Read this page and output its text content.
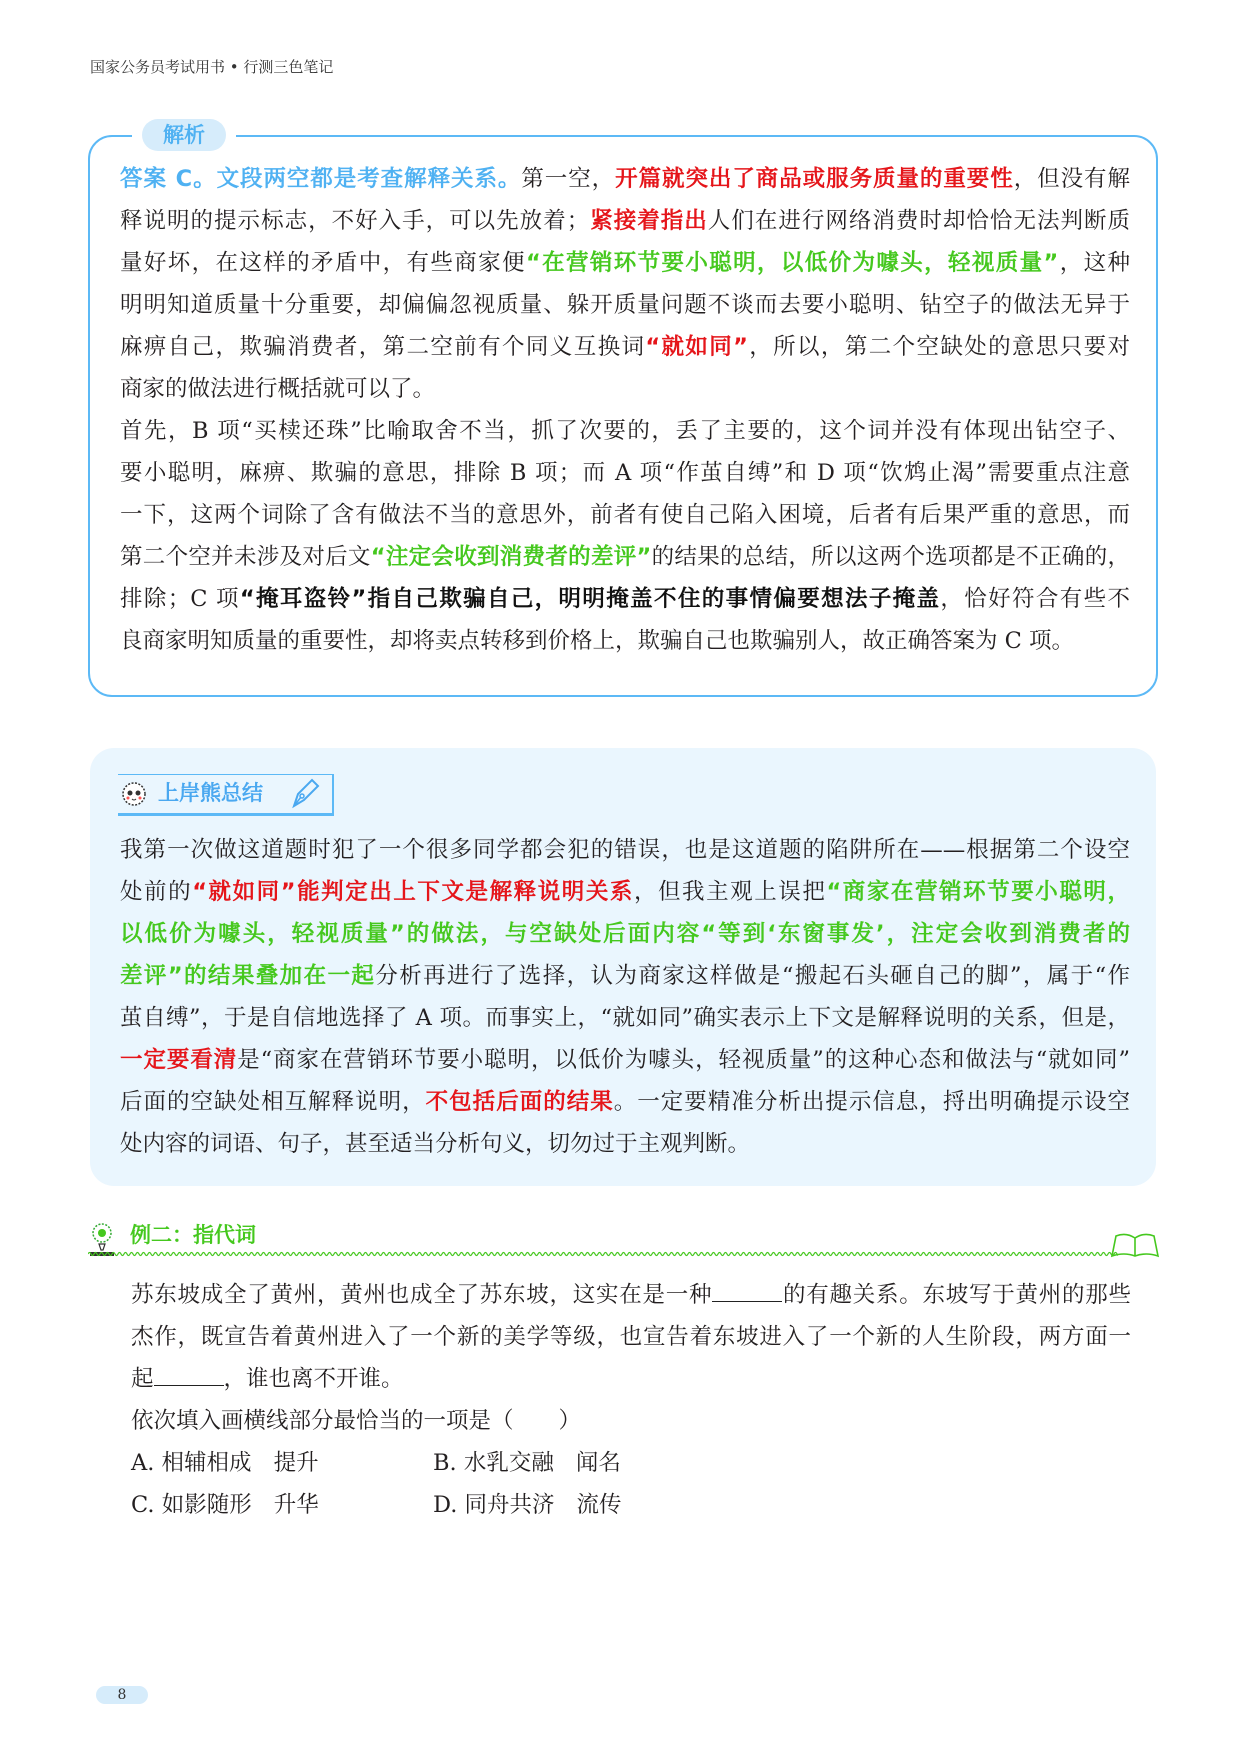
国家公务员考试用书 • 行测三色笔记
解析
答案 C。文段两空都是考查解释关系。第一空，开篇就突出了商品或服务质量的重要性，但没有解
释说明的提示标志，不好入手，可以先放着；紧接着指出人们在进行网络消费时却恰恰无法判断质
量好坏，在这样的矛盾中，有些商家便“在营销环节要小聪明，以低价为噱头，轻视质量”，这种
明明知道质量十分重要，却偏偏忽视质量、躲开质量问题不谈而去要小聪明、钻空子的做法无异于
麻痹自己，欺骗消费者，第二空前有个同义互换词“就如同”，所以，第二个空缺处的意思只要对
商家的做法进行概括就可以了。
首先，B 项“买椟还珠”比喻取舍不当，抓了次要的，丢了主要的，这个词并没有体现出钻空子、
要小聪明，麻痹、欺骗的意思，排除 B 项；而 A 项“作茧自缚”和 D 项“饮鸩止渴”需要重点注意
一下，这两个词除了含有做法不当的意思外，前者有使自己陷入困境，后者有后果严重的意思，而
第二个空并未涉及对后文“注定会收到消费者的差评”的结果的总结，所以这两个选项都是不正确的，
排除；C 项“掩耳盗铃”指自己欺骗自己，明明掩盖不住的事情偏要想法子掩盖，恰好符合有些不
良商家明知质量的重要性，却将卖点转移到价格上，欺骗自己也欺骗别人，故正确答案为 C 项。
上岸熊总结
我第一次做这道题时犯了一个很多同学都会犯的错误，也是这道题的陷阱所在——根据第二个设空
处前的“就如同”能判定出上下文是解释说明关系，但我主观上误把“商家在营销环节要小聪明，
以低价为噱头，轻视质量”的做法，与空缺处后面内容“等到‘东窗事发’，注定会收到消费者的
差评”的结果叠加在一起分析再进行了选择，认为商家这样做是“搬起石头砸自己的脚”，属于“作
茧自缚”，于是自信地选择了 A 项。而事实上，“就如同”确实表示上下文是解释说明的关系，但是，
一定要看清是“商家在营销环节要小聪明，以低价为噱头，轻视质量”的这种心态和做法与“就如同”
后面的空缺处相互解释说明，不包括后面的结果。一定要精准分析出提示信息，捋出明确提示设空
处内容的词语、句子，甚至适当分析句义，切勿过于主观判断。
例二：指代词
苏东坡成全了黄州，黄州也成全了苏东坡，这实在是一种	的有趣关系。东坡写于黄州的那些
杰作，既宣告着黄州进入了一个新的美学等级，也宣告着东坡进入了一个新的人生阶段，两方面一
起	，谁也离不开谁。
依次填入画横线部分最恰当的一项是（　　）
A. 相辅相成 提升	B. 水乳交融 闻名
C. 如影随形 升华	D. 同舟共济 流传
8
